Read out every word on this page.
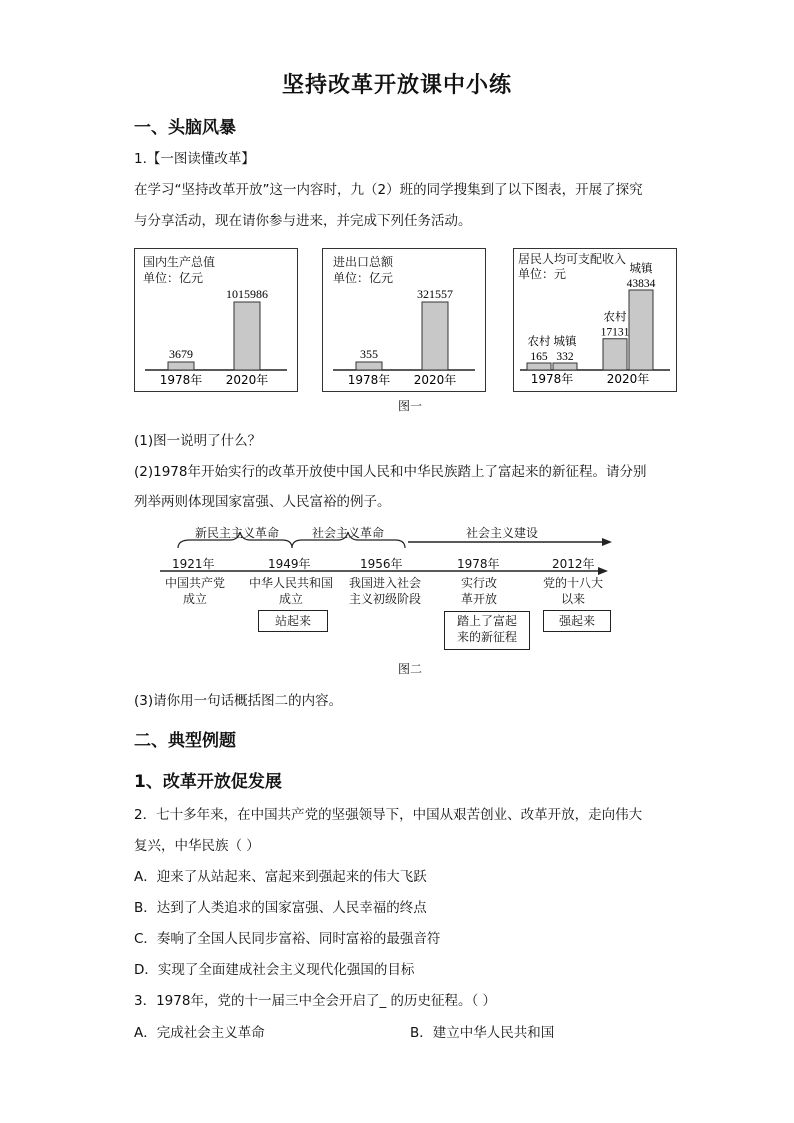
坚持改革开放课中小练
一、头脑风暴
1.【一图读懂改革】
在学习“坚持改革开放”这一内容时，九（2）班的同学搜集到了以下图表，开展了探究
与分享活动，现在请你参与进来，并完成下列任务活动。
国内生产总值
单位：亿元
3679
1978年
1015986
2020年
进出口总额
单位：亿元
355
1978年
321557
2020年
居民人均可支配收入
单位：元
165
农村
332
城镇
1978年
17131
农村
43834
城镇
2020年
图一
(1)图一说明了什么？
(2)1978年开始实行的改革开放使中国人民和中华民族踏上了富起来的新征程。请分别
列举两则体现国家富强、人民富裕的例子。
新民主主义革命	社会主义革命	社会主义建设
1921年	1949年	1956年	1978年	2012年
中国共产党
成立
中华人民共和国
成立
我国进入社会
主义初级阶段
实行改
革开放
党的十八大
以来
站起来	踏上了富起
来的新征程
强起来
图二
(3)请你用一句话概括图二的内容。
二、典型例题
1、改革开放促发展
2．七十多年来，在中国共产党的坚强领导下，中国从艰苦创业、改革开放，走向伟大
复兴，中华民族（ ）
A．迎来了从站起来、富起来到强起来的伟大飞跃
B．达到了人类追求的国家富强、人民幸福的终点
C．奏响了全国人民同步富裕、同时富裕的最强音符
D．实现了全面建成社会主义现代化强国的目标
3．1978年，党的十一届三中全会开启了_ 的历史征程。（ ）
A．完成社会主义革命	B．建立中华人民共和国
